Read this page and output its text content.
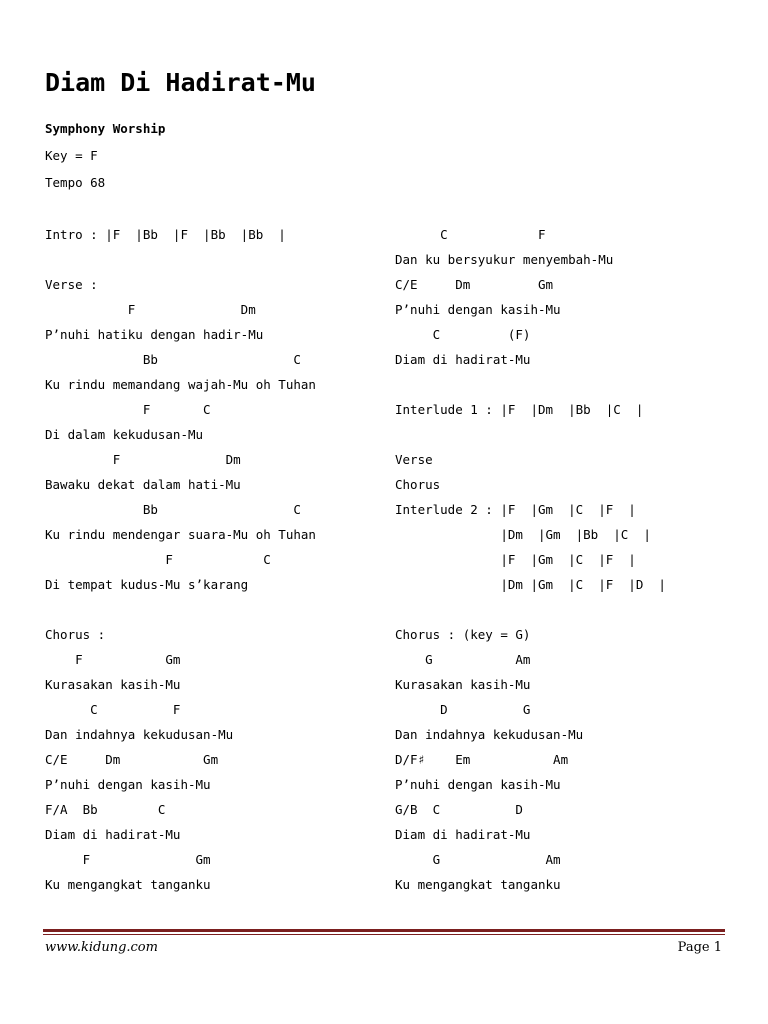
Diam Di Hadirat-Mu
Symphony Worship
Key = F
Tempo 68
Intro : |F  |Bb  |F  |Bb  |Bb  |
Verse :
F              Dm
P’nuhi hatiku dengan hadir-Mu
Bb                  C
Ku rindu memandang wajah-Mu oh Tuhan
F       C
Di dalam kekudusan-Mu
F              Dm
Bawaku dekat dalam hati-Mu
Bb                  C
Ku rindu mendengar suara-Mu oh Tuhan
F            C
Di tempat kudus-Mu s’karang
Chorus :
F           Gm
Kurasakan kasih-Mu
C          F
Dan indahnya kekudusan-Mu
C/E     Dm           Gm
P’nuhi dengan kasih-Mu
F/A  Bb        C
Diam di hadirat-Mu
F              Gm
Ku mengangkat tanganku
C            F
Dan ku bersyukur menyembah-Mu
C/E     Dm         Gm
P’nuhi dengan kasih-Mu
C         (F)
Diam di hadirat-Mu
Interlude 1 : |F  |Dm  |Bb  |C  |
Verse
Chorus
Interlude 2 : |F  |Gm  |C  |F  |
|Dm  |Gm  |Bb  |C  |
|F  |Gm  |C  |F  |
|Dm |Gm  |C  |F  |D  |
Chorus : (key = G)
G           Am
Kurasakan kasih-Mu
D          G
Dan indahnya kekudusan-Mu
D/F♯    Em           Am
P’nuhi dengan kasih-Mu
G/B  C          D
Diam di hadirat-Mu
G              Am
Ku mengangkat tanganku
www.kidung.com	Page 1
